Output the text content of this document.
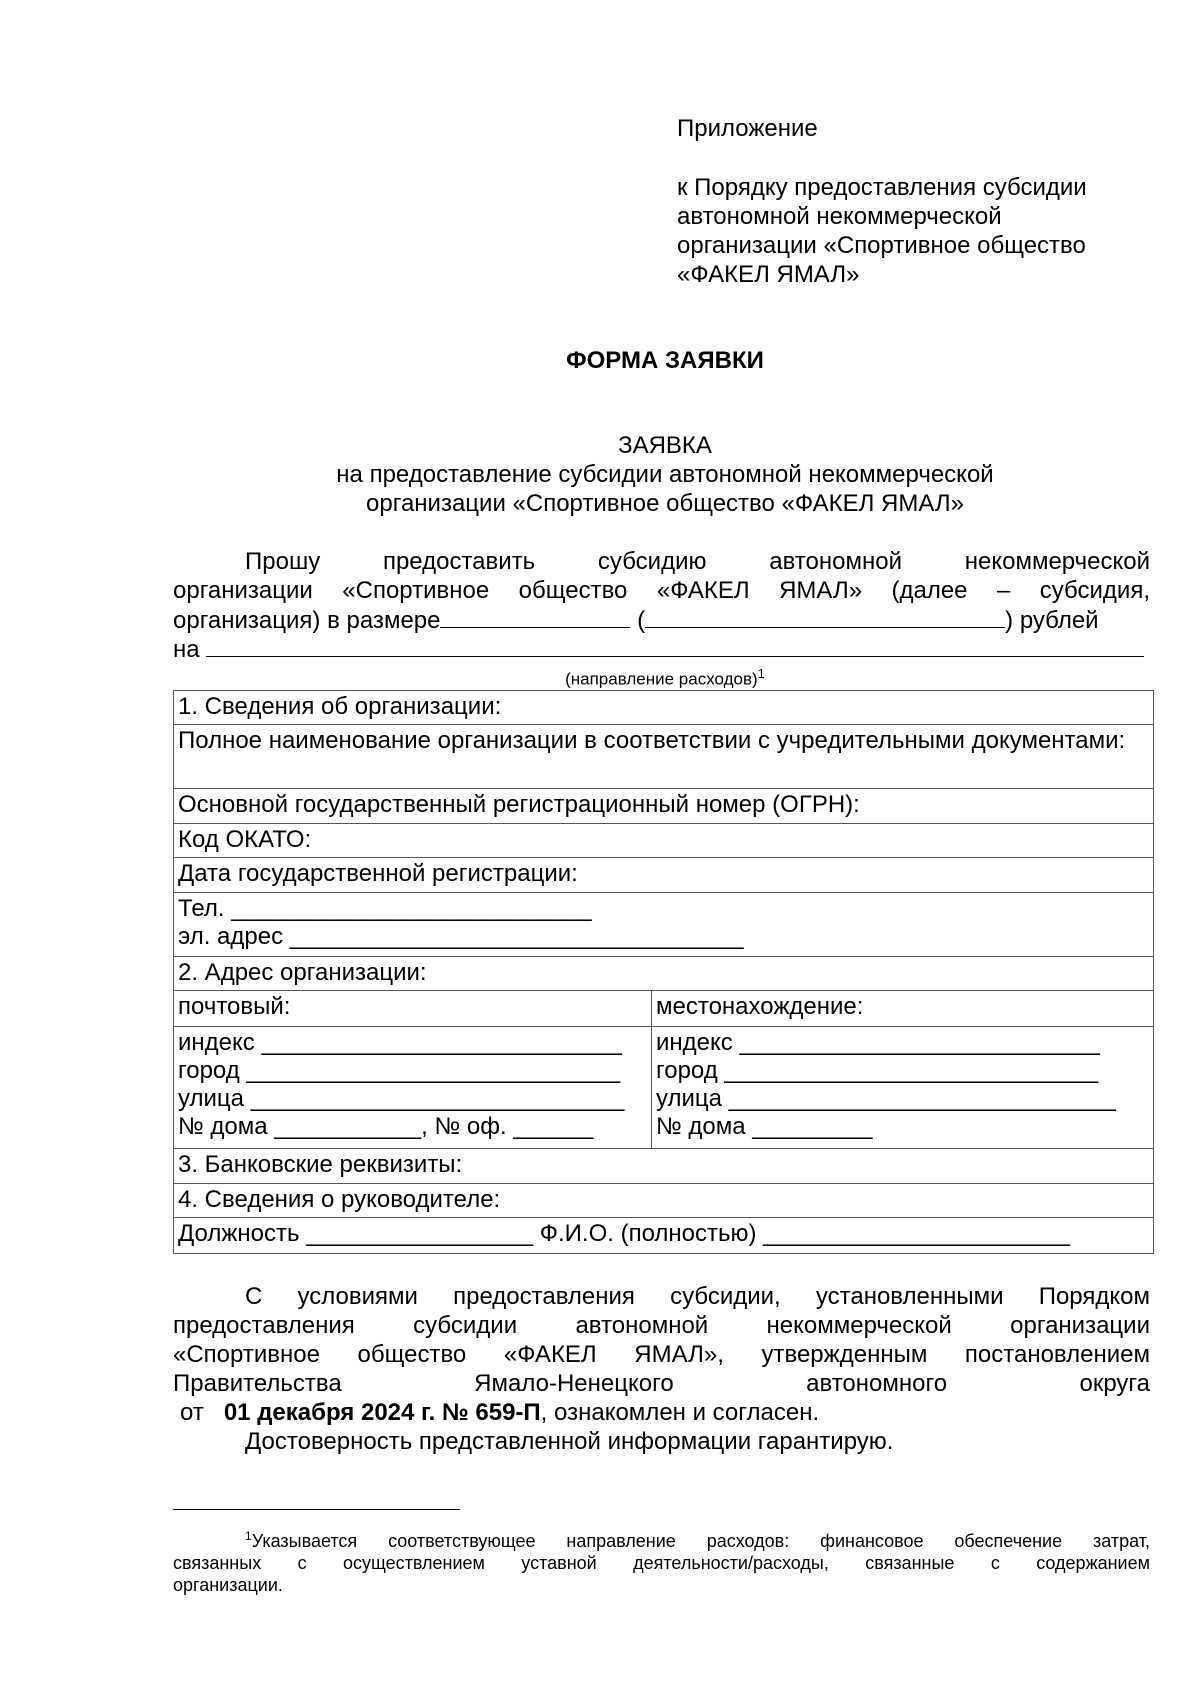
Приложение
к Порядку предоставления субсидии
автономной некоммерческой
организации «Спортивное общество
«ФАКЕЛ ЯМАЛ»
ФОРМА ЗАЯВКИ
ЗАЯВКА
на предоставление субсидии автономной некоммерческой
организации «Спортивное общество «ФАКЕЛ ЯМАЛ»
Прошу предоставить субсидию автономной некоммерческой
организации «Спортивное общество «ФАКЕЛ ЯМАЛ» (далее – субсидия,
организация) в размере	(	) рублей
на
(направление расходов)$^1$
1. Сведения об организации:
Полное наименование организации в соответствии с учредительными документами:
Основной государственный регистрационный номер (ОГРН):
Код ОКАТО:
Дата государственной регистрации:
Тел. ___________________________
эл. адрес __________________________________
2. Адрес организации:
почтовый:	местонахождение:
индекс ___________________________
город ____________________________
улица ____________________________
№ дома ___________, № оф. ______
индекс ___________________________
город ____________________________
улица _____________________________
№ дома _________
3. Банковские реквизиты:
4. Сведения о руководителе:
Должность _________________ Ф.И.О. (полностью) _______________________
С условиями предоставления субсидии, установленными Порядком
предоставления субсидии автономной некоммерческой организации
«Спортивное общество «ФАКЕЛ ЯМАЛ», утвержденным постановлением
Правительства Ямало-Ненецкого автономного округа
от 01 декабря 2024 г. № 659-П, ознакомлен и согласен.
Достоверность представленной информации гарантирую.
$^1$Указывается соответствующее направление расходов: финансовое обеспечение затрат,
связанных с осуществлением уставной деятельности/расходы, связанные с содержанием
организации.
